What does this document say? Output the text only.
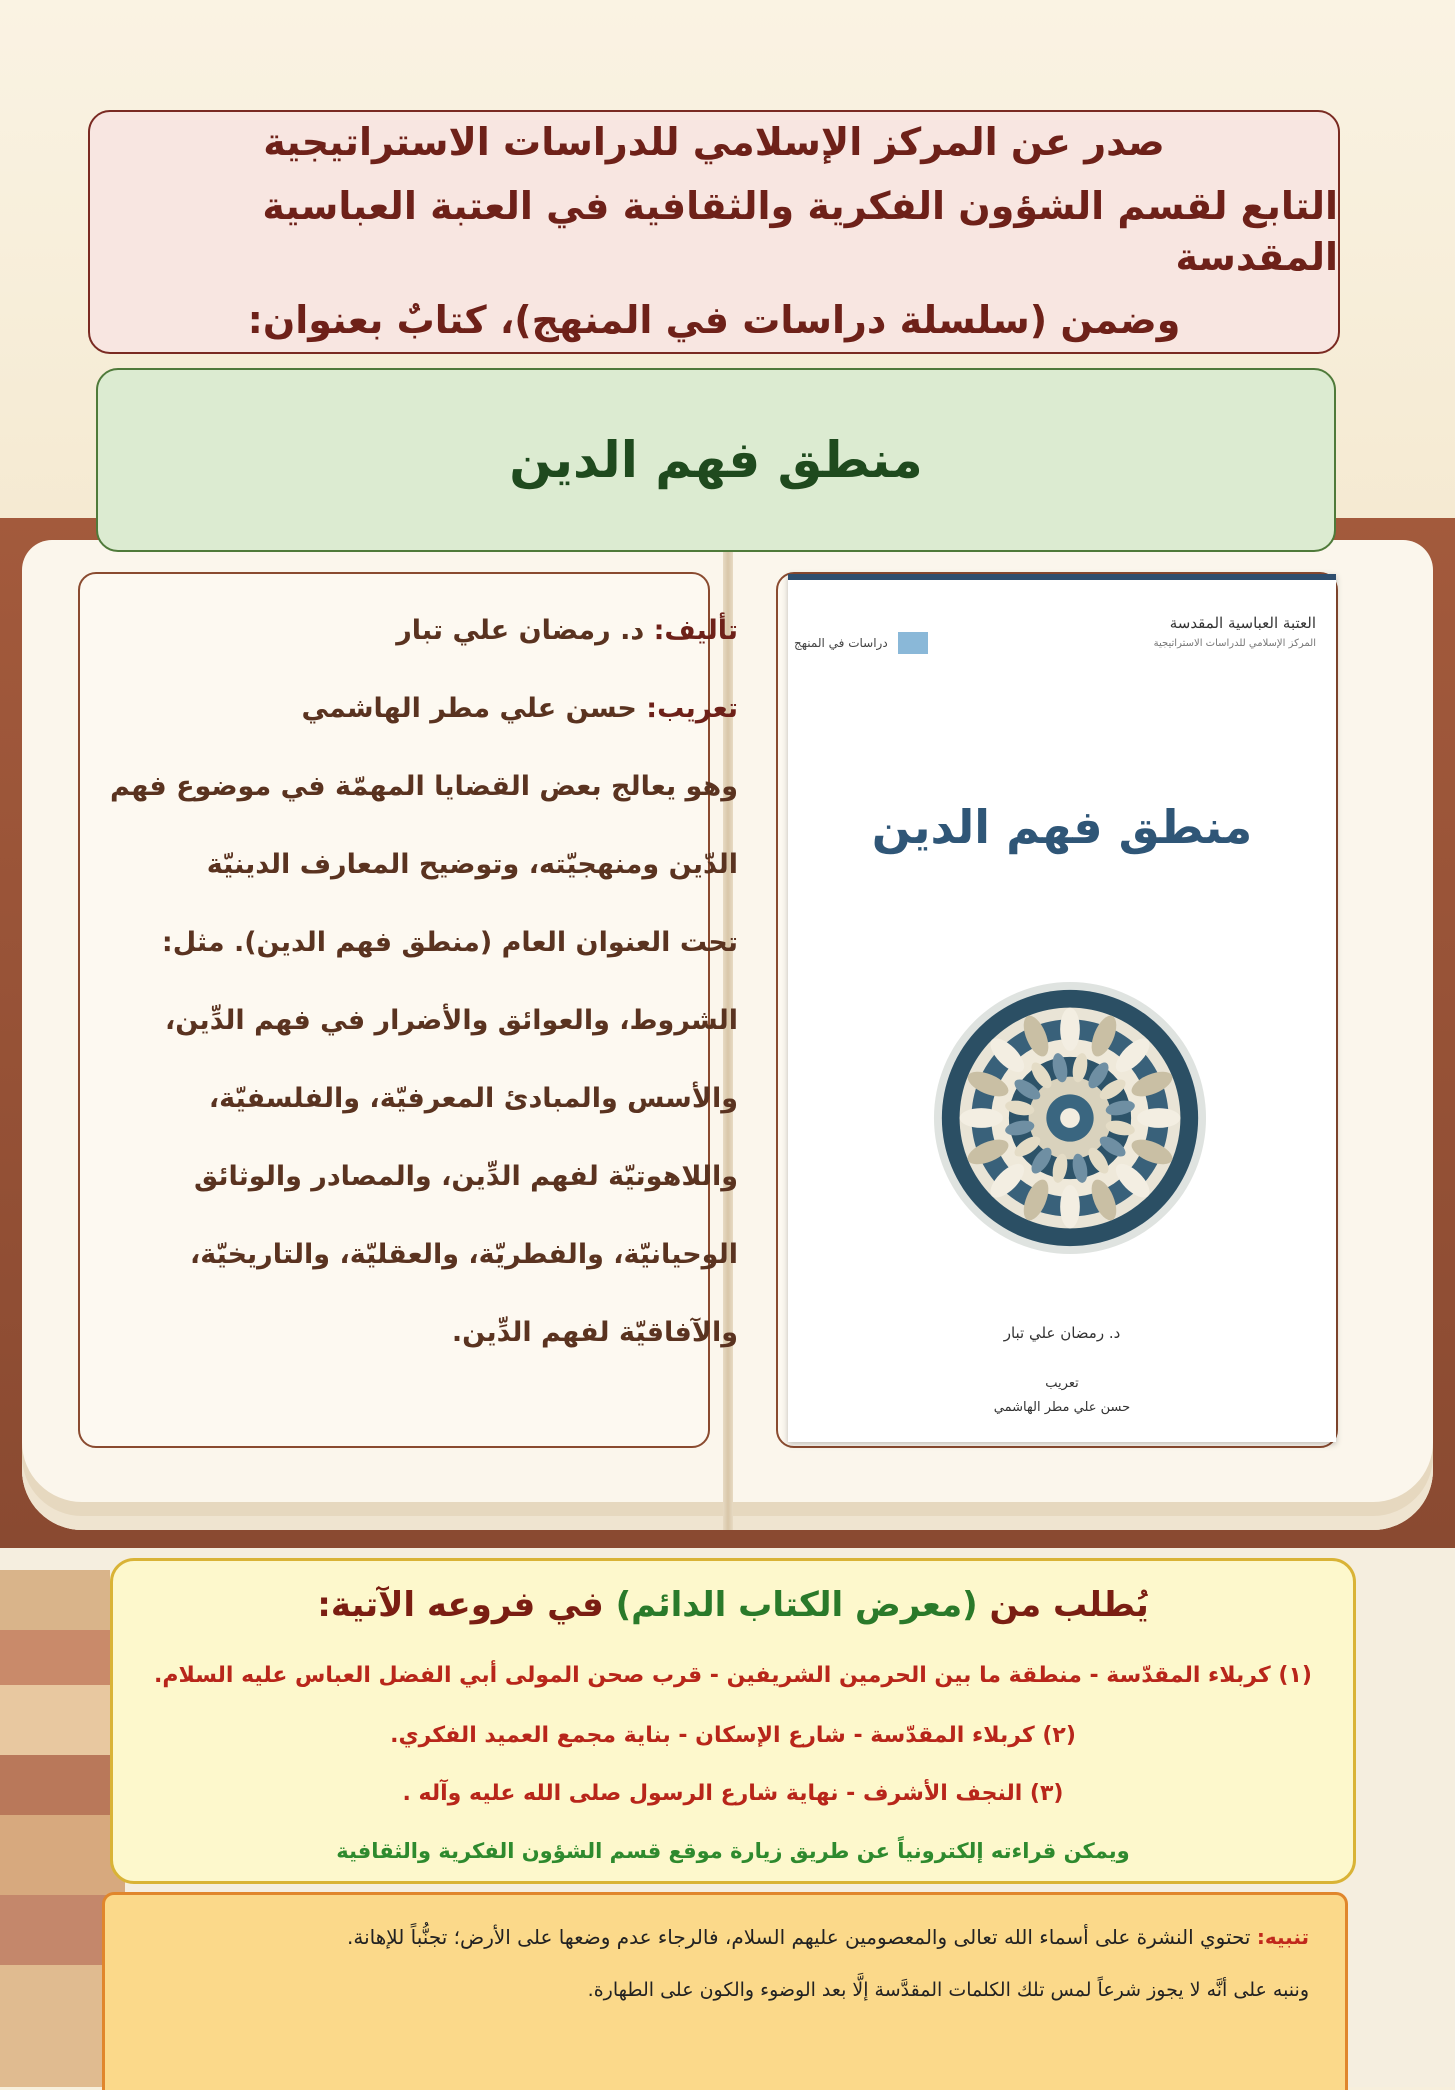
صدر عن المركز الإسلامي للدراسات الاستراتيجية

التابع لقسم الشؤون الفكرية والثقافية في العتبة العباسية المقدسة

وضمن (سلسلة دراسات في المنهج)، كتابٌ بعنوان:

منطق فهم الدين
تأليف: د. رمضان علي تبار
تعريب: حسن علي مطر الهاشمي
وهو يعالج بعض القضايا المهمّة في موضوع فهم
الدّين ومنهجيّته، وتوضيح المعارف الدينيّة
تحت العنوان العام (منطق فهم الدين). مثل:
الشروط، والعوائق والأضرار في فهم الدِّين،
والأسس والمبادئ المعرفيّة، والفلسفيّة،
واللاهوتيّة لفهم الدِّين، والمصادر والوثائق
الوحيانيّة، والفطريّة، والعقليّة، والتاريخيّة،
والآفاقيّة لفهم الدِّين.
العتبة العباسية المقدسة
المركز الإسلامي للدراسات الاستراتيجية
دراسات في المنهج
منطق فهم الدين
د. رمضان علي تبار
تعريب
حسن علي مطر الهاشمي
يُطلب من (معرض الكتاب الدائم) في فروعه الآتية:
(١) كربلاء المقدّسة - منطقة ما بين الحرمين الشريفين - قرب صحن المولى أبي الفضل العباس عليه السلام.
(٢) كربلاء المقدّسة - شارع الإسكان - بناية مجمع العميد الفكري.
(٣) النجف الأشرف - نهاية شارع الرسول صلى الله عليه وآله .
ويمكن قراءته إلكترونياً عن طريق زيارة موقع قسم الشؤون الفكرية والثقافية
تنبيه: تحتوي النشرة على أسماء الله تعالى والمعصومين عليهم السلام، فالرجاء عدم وضعها على الأرض؛ تجنُّباً للإهانة.
وننبه على أنَّه لا يجوز شرعاً لمس تلك الكلمات المقدَّسة إلَّا بعد الوضوء والكون على الطهارة.
